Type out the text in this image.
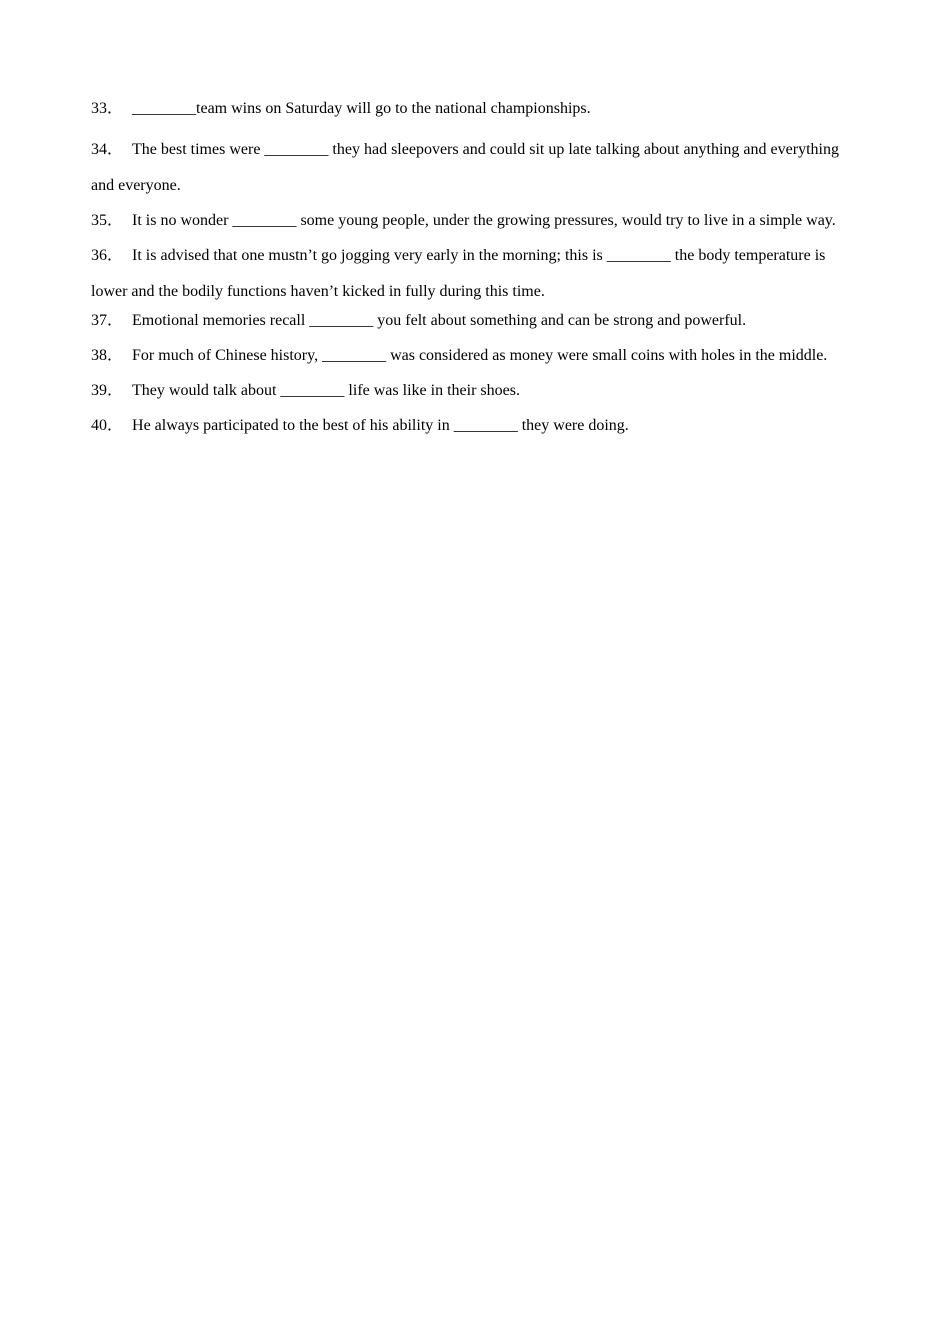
33． ________team wins on Saturday will go to the national championships.
34． The best times were ________ they had sleepovers and could sit up late talking about anything and everything and everyone.
35． It is no wonder ________ some young people, under the growing pressures, would try to live in a simple way.
36． It is advised that one mustn’t go jogging very early in the morning; this is ________ the body temperature is lower and the bodily functions haven’t kicked in fully during this time.
37． Emotional memories recall ________ you felt about something and can be strong and powerful.
38． For much of Chinese history, ________ was considered as money were small coins with holes in the middle.
39． They would talk about ________ life was like in their shoes.
40． He always participated to the best of his ability in ________ they were doing.
